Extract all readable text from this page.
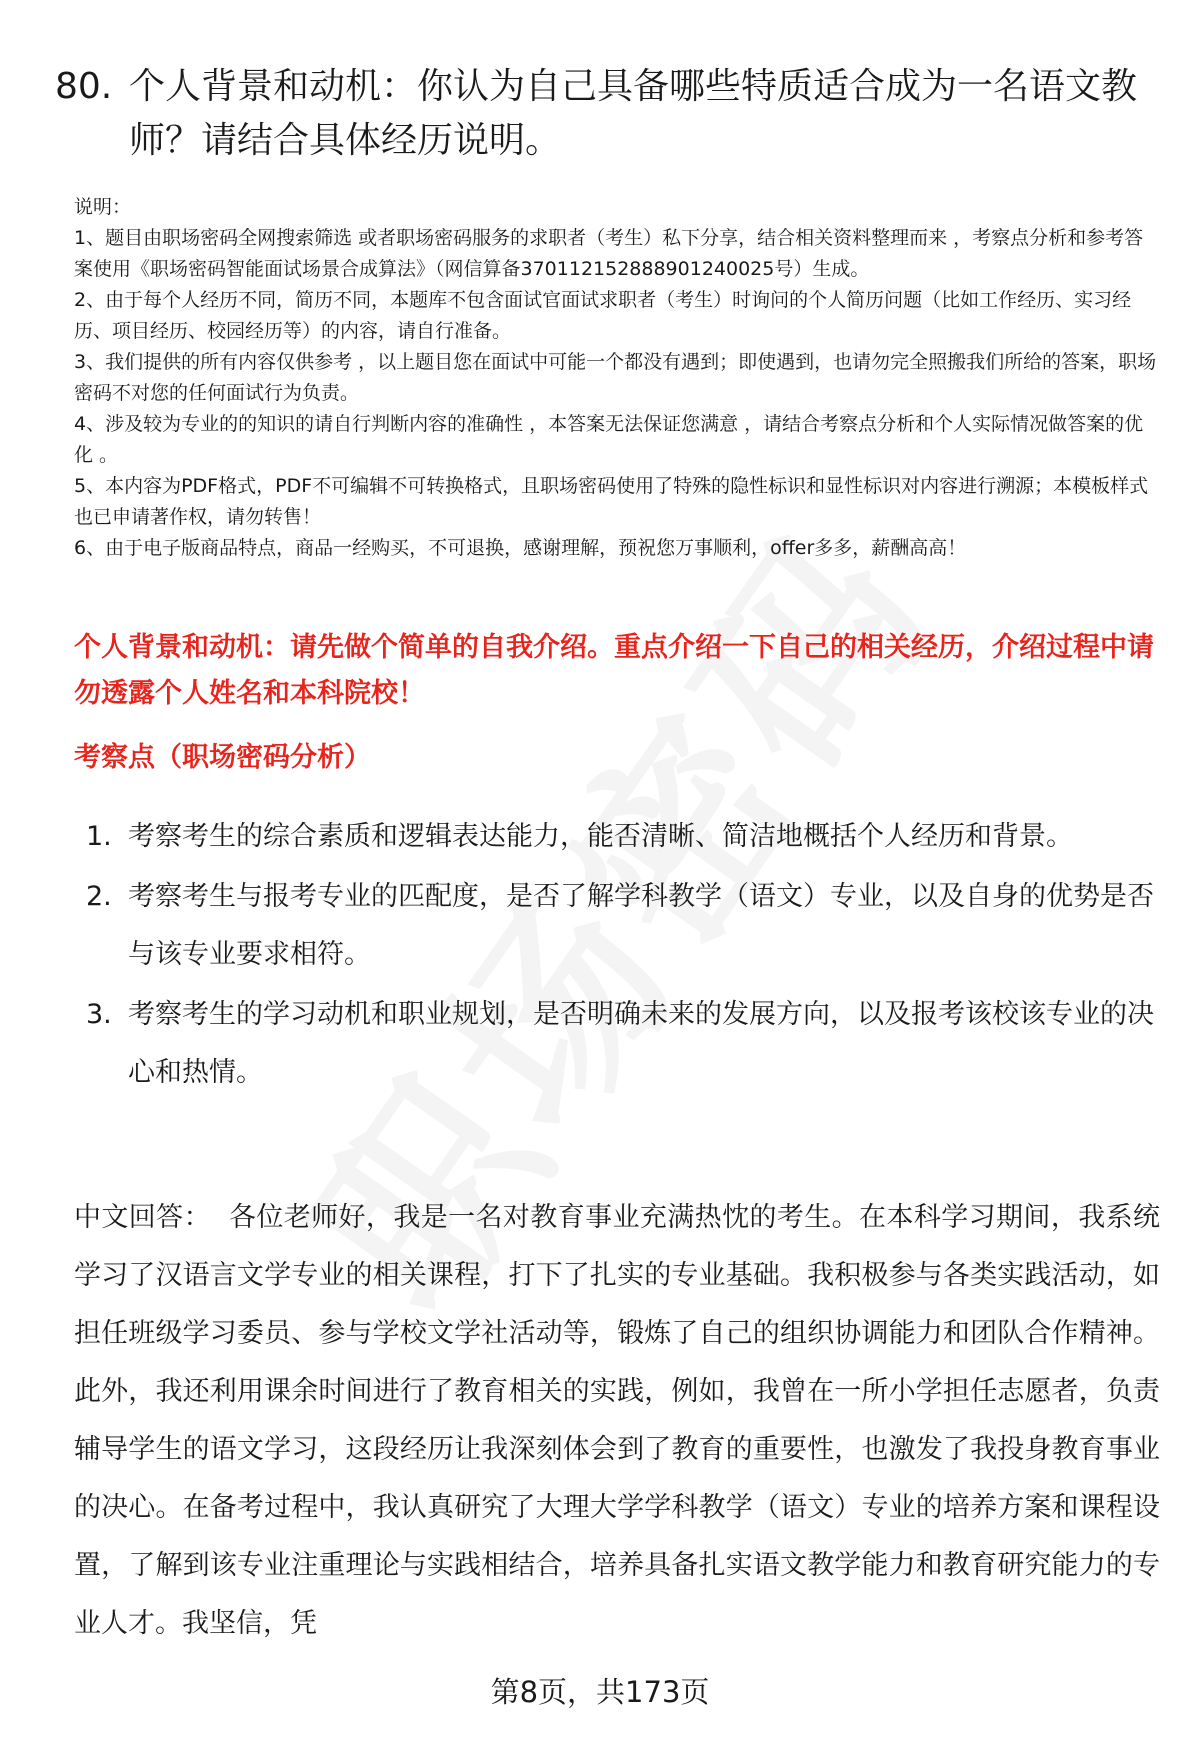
80. 个人背景和动机：你认为自己具备哪些特质适合成为一名语文教师？请结合具体经历说明。

说明：

1、题目由职场密码全网搜索筛选 或者职场密码服务的求职者（考生）私下分享，结合相关资料整理而来 ，考察点分析和参考答案使用《职场密码智能面试场景合成算法》（网信算备370112152888901240025号）生成。

2、由于每个人经历不同，简历不同，本题库不包含面试官面试求职者（考生）时询问的个人简历问题（比如工作经历、实习经历、项目经历、校园经历等）的内容，请自行准备。

3、我们提供的所有内容仅供参考 ，以上题目您在面试中可能一个都没有遇到；即使遇到，也请勿完全照搬我们所给的答案，职场密码不对您的任何面试行为负责。

4、涉及较为专业的的知识的请自行判断内容的准确性 ，本答案无法保证您满意 ，请结合考察点分析和个人实际情况做答案的优化 。

5、本内容为PDF格式，PDF不可编辑不可转换格式，且职场密码使用了特殊的隐性标识和显性标识对内容进行溯源；本模板样式也已申请著作权，请勿转售！

6、由于电子版商品特点，商品一经购买，不可退换，感谢理解，预祝您万事顺利，offer多多，薪酬高高！

个人背景和动机：请先做个简单的自我介绍。重点介绍一下自己的相关经历，介绍过程中请勿透露个人姓名和本科院校！
考察点（职场密码分析）
1. 考察考生的综合素质和逻辑表达能力，能否清晰、简洁地概括个人经历和背景。
2. 考察考生与报考专业的匹配度，是否了解学科教学（语文）专业，以及自身的优势是否与该专业要求相符。
3. 考察考生的学习动机和职业规划，是否明确未来的发展方向，以及报考该校该专业的决心和热情。
中文回答： 各位老师好，我是一名对教育事业充满热忱的考生。在本科学习期间，我系统学习了汉语言文学专业的相关课程，打下了扎实的专业基础。我积极参与各类实践活动，如担任班级学习委员、参与学校文学社活动等，锻炼了自己的组织协调能力和团队合作精神。此外，我还利用课余时间进行了教育相关的实践，例如，我曾在一所小学担任志愿者，负责辅导学生的语文学习，这段经历让我深刻体会到了教育的重要性，也激发了我投身教育事业的决心。在备考过程中，我认真研究了大理大学学科教学（语文）专业的培养方案和课程设置，了解到该专业注重理论与实践相结合，培养具备扎实语文教学能力和教育研究能力的专业人才。我坚信，凭
第8页，共173页
